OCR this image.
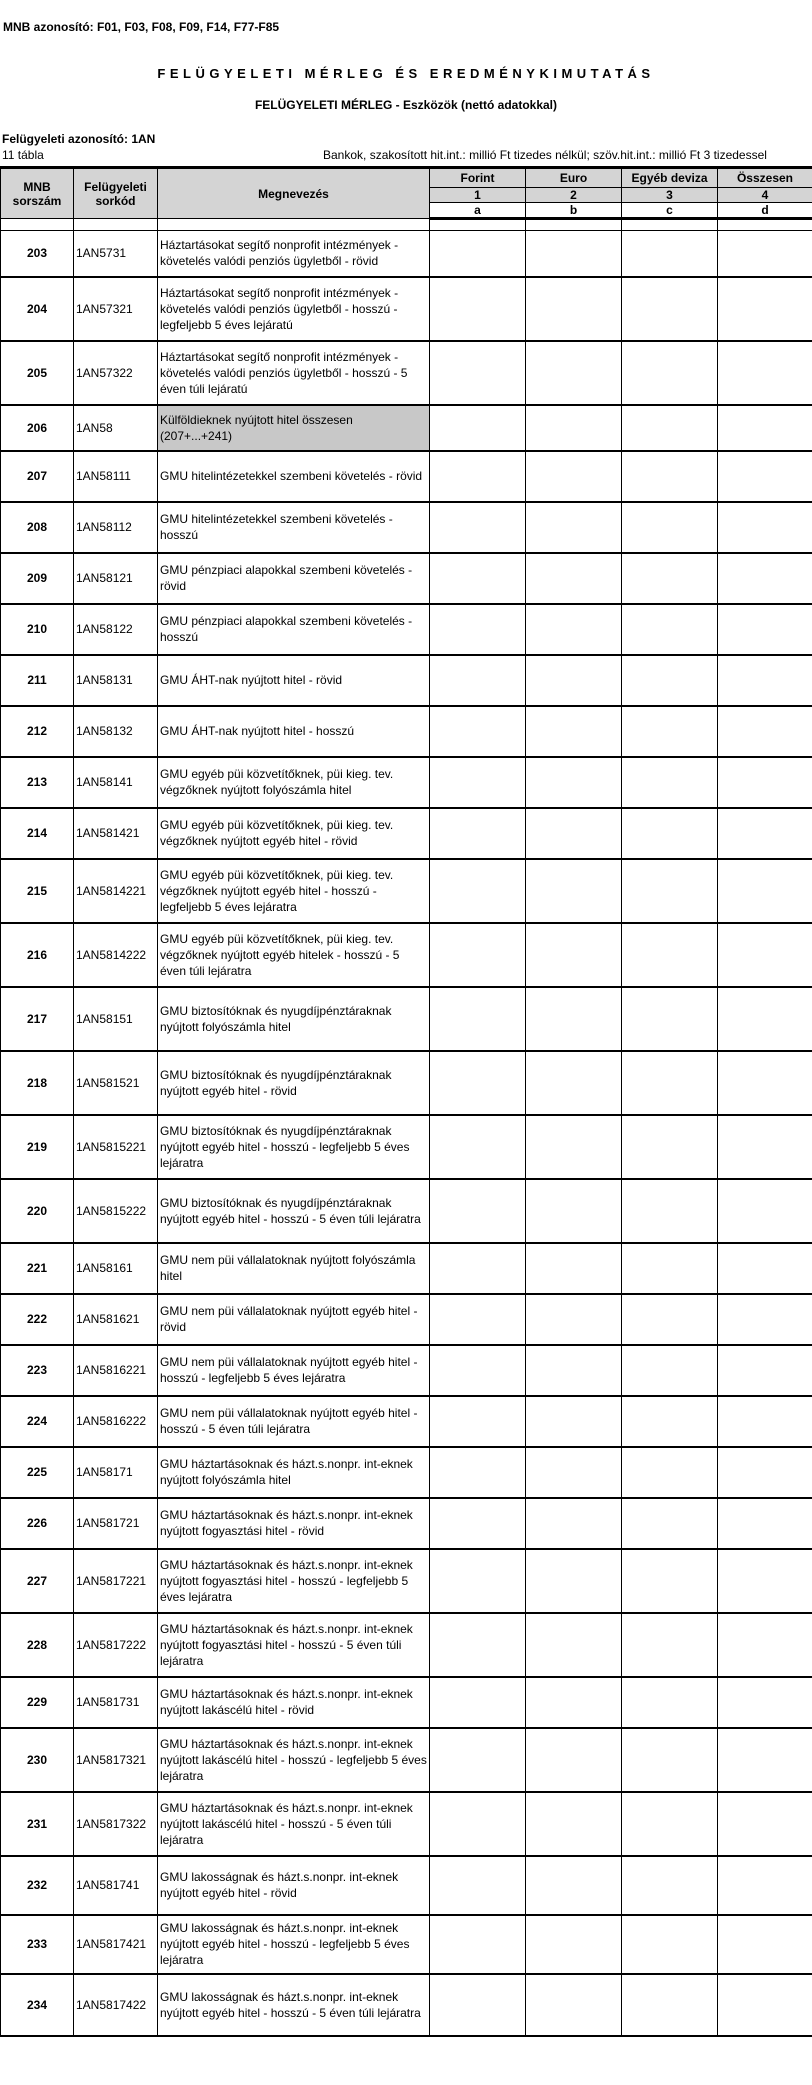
MNB azonosító: F01, F03, F08, F09, F14, F77-F85
FELÜGYELETI MÉRLEG ÉS EREDMÉNYKIMUTATÁS
FELÜGYELETI MÉRLEG - Eszközök (nettó adatokkal)
Felügyeleti azonosító: 1AN
11 tábla	Bankok, szakosított hit.int.: millió Ft tizedes nélkül; szöv.hit.int.: millió Ft 3 tizedessel
MNB sorszám	Felügyeleti sorkód	Megnevezés	Forint	Euro	Egyéb deviza	Összesen
			1	2	3	4
			a	b	c	d

203	1AN5731	Háztartásokat segítő nonprofit intézmények - követelés valódi penziós ügyletből - rövid				
204	1AN57321	Háztartásokat segítő nonprofit intézmények - követelés valódi penziós ügyletből - hosszú - legfeljebb 5 éves lejáratú				
205	1AN57322	Háztartásokat segítő nonprofit intézmények - követelés valódi penziós ügyletből - hosszú - 5 éven túli lejáratú				
206	1AN58	Külföldieknek nyújtott hitel összesen (207+...+241)				
207	1AN58111	GMU hitelintézetekkel szembeni követelés - rövid				
208	1AN58112	GMU hitelintézetekkel szembeni követelés - hosszú				
209	1AN58121	GMU pénzpiaci alapokkal szembeni követelés - rövid				
210	1AN58122	GMU pénzpiaci alapokkal szembeni követelés - hosszú				
211	1AN58131	GMU ÁHT-nak nyújtott hitel - rövid				
212	1AN58132	GMU ÁHT-nak nyújtott hitel - hosszú				
213	1AN58141	GMU egyéb püi közvetítőknek, püi kieg. tev. végzőknek nyújtott folyószámla hitel				
214	1AN581421	GMU egyéb püi közvetítőknek, püi kieg. tev. végzőknek nyújtott egyéb hitel - rövid				
215	1AN5814221	GMU egyéb püi közvetítőknek, püi kieg. tev. végzőknek nyújtott egyéb hitel - hosszú - legfeljebb 5 éves lejáratra				
216	1AN5814222	GMU egyéb püi közvetítőknek, püi kieg. tev. végzőknek nyújtott egyéb hitelek - hosszú - 5 éven túli lejáratra				
217	1AN58151	GMU biztosítóknak és nyugdíjpénztáraknak nyújtott folyószámla hitel				
218	1AN581521	GMU biztosítóknak és nyugdíjpénztáraknak nyújtott egyéb hitel - rövid				
219	1AN5815221	GMU biztosítóknak és nyugdíjpénztáraknak nyújtott egyéb hitel - hosszú - legfeljebb 5 éves lejáratra				
220	1AN5815222	GMU biztosítóknak és nyugdíjpénztáraknak nyújtott egyéb hitel - hosszú - 5 éven túli lejáratra				
221	1AN58161	GMU nem püi vállalatoknak nyújtott folyószámla hitel				
222	1AN581621	GMU nem püi vállalatoknak nyújtott egyéb hitel - rövid				
223	1AN5816221	GMU nem püi vállalatoknak nyújtott egyéb hitel - hosszú - legfeljebb 5 éves lejáratra				
224	1AN5816222	GMU nem püi vállalatoknak nyújtott egyéb hitel - hosszú - 5 éven túli lejáratra				
225	1AN58171	GMU háztartásoknak és házt.s.nonpr. int-eknek nyújtott folyószámla hitel				
226	1AN581721	GMU háztartásoknak és házt.s.nonpr. int-eknek nyújtott fogyasztási hitel - rövid				
227	1AN5817221	GMU háztartásoknak és házt.s.nonpr. int-eknek nyújtott fogyasztási hitel - hosszú - legfeljebb 5 éves lejáratra				
228	1AN5817222	GMU háztartásoknak és házt.s.nonpr. int-eknek nyújtott fogyasztási hitel - hosszú - 5 éven túli lejáratra				
229	1AN581731	GMU háztartásoknak és házt.s.nonpr. int-eknek nyújtott lakáscélú hitel - rövid				
230	1AN5817321	GMU háztartásoknak és házt.s.nonpr. int-eknek nyújtott lakáscélú hitel - hosszú - legfeljebb 5 éves lejáratra				
231	1AN5817322	GMU háztartásoknak és házt.s.nonpr. int-eknek nyújtott lakáscélú hitel - hosszú - 5 éven túli lejáratra				
232	1AN581741	GMU lakosságnak és házt.s.nonpr. int-eknek nyújtott egyéb hitel - rövid				
233	1AN5817421	GMU lakosságnak és házt.s.nonpr. int-eknek nyújtott egyéb hitel - hosszú - legfeljebb 5 éves lejáratra				
234	1AN5817422	GMU lakosságnak és házt.s.nonpr. int-eknek nyújtott egyéb hitel - hosszú - 5 éven túli lejáratra				
